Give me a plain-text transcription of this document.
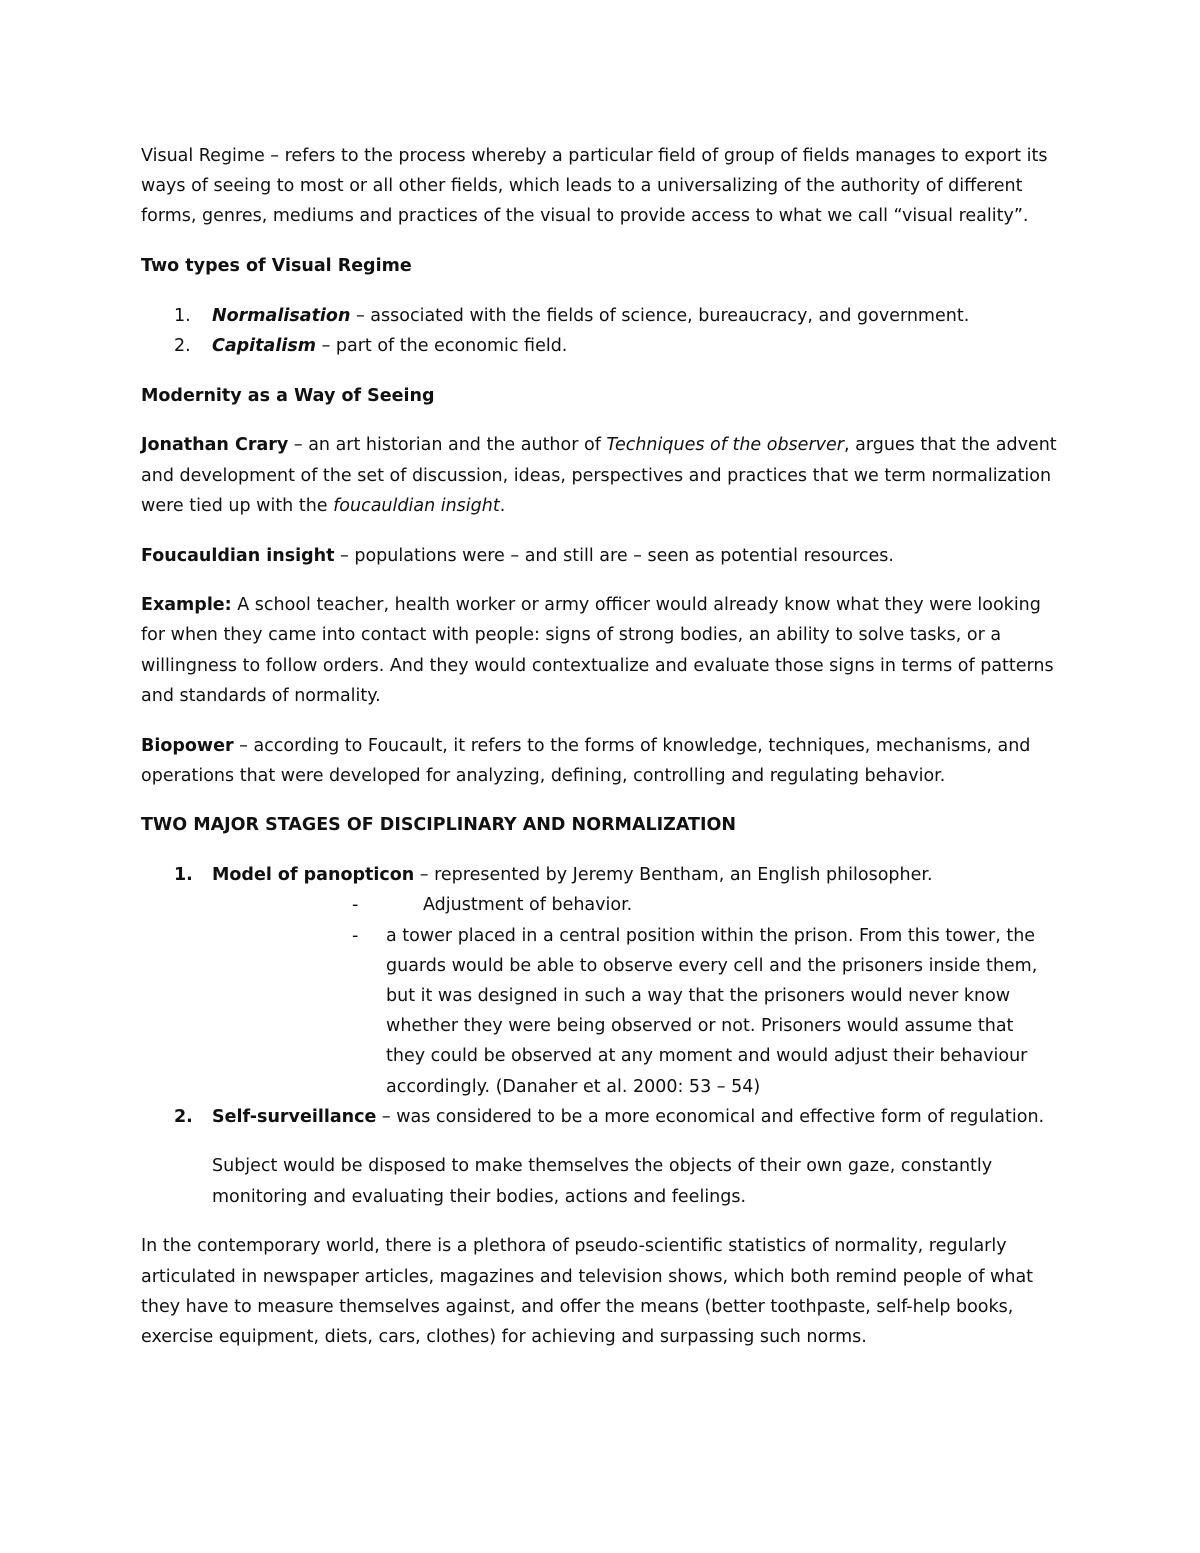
Visual Regime – refers to the process whereby a particular field of group of fields manages to export its ways of seeing to most or all other fields, which leads to a universalizing of the authority of different forms, genres, mediums and practices of the visual to provide access to what we call “visual reality”.

Two types of Visual Regime

1. Normalisation – associated with the fields of science, bureaucracy, and government.
2. Capitalism – part of the economic field.

Modernity as a Way of Seeing

Jonathan Crary – an art historian and the author of Techniques of the observer, argues that the advent and development of the set of discussion, ideas, perspectives and practices that we term normalization were tied up with the foucauldian insight.

Foucauldian insight – populations were – and still are – seen as potential resources.

Example: A school teacher, health worker or army officer would already know what they were looking for when they came into contact with people: signs of strong bodies, an ability to solve tasks, or a willingness to follow orders. And they would contextualize and evaluate those signs in terms of patterns and standards of normality.

Biopower – according to Foucault, it refers to the forms of knowledge, techniques, mechanisms, and operations that were developed for analyzing, defining, controlling and regulating behavior.

TWO MAJOR STAGES OF DISCIPLINARY AND NORMALIZATION

1. Model of panopticon – represented by Jeremy Bentham, an English philosopher.
-	Adjustment of behavior.
- a tower placed in a central position within the prison. From this tower, the guards would be able to observe every cell and the prisoners inside them, but it was designed in such a way that the prisoners would never know whether they were being observed or not. Prisoners would assume that they could be observed at any moment and would adjust their behaviour accordingly. (Danaher et al. 2000: 53 – 54)
2. Self-surveillance – was considered to be a more economical and effective form of regulation.

Subject would be disposed to make themselves the objects of their own gaze, constantly monitoring and evaluating their bodies, actions and feelings.

In the contemporary world, there is a plethora of pseudo-scientific statistics of normality, regularly articulated in newspaper articles, magazines and television shows, which both remind people of what they have to measure themselves against, and offer the means (better toothpaste, self-help books, exercise equipment, diets, cars, clothes) for achieving and surpassing such norms.
